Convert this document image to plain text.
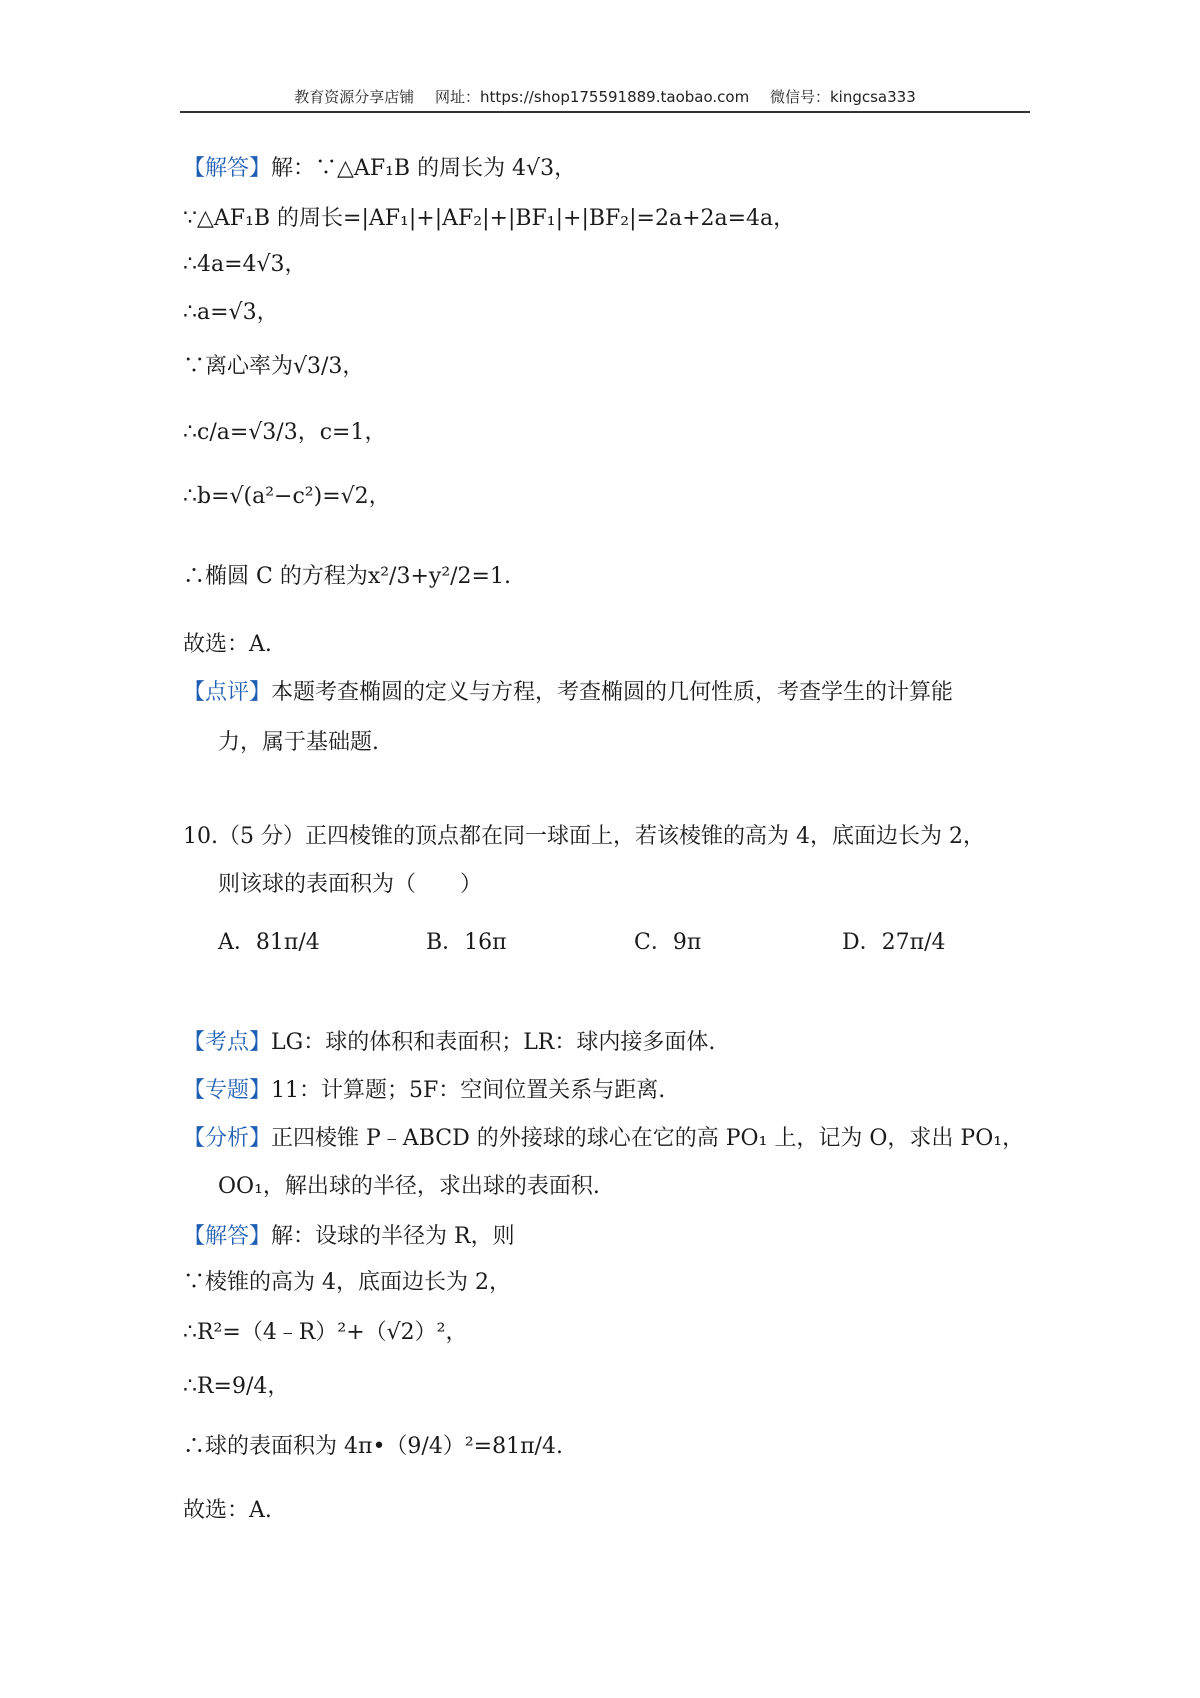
教育资源分享店铺 网址：https://shop175591889.taobao.com 微信号：kingcsa333
【解答】解：∵△AF₁B 的周长为 4√3，
∵△AF₁B 的周长=|AF₁|+|AF₂|+|BF₁|+|BF₂|=2a+2a=4a，
∴4a=4√3，
∴a=√3，
∵离心率为√3/3，
∴c/a=√3/3，c=1，
∴b=√(a²−c²)=√2，
∴椭圆 C 的方程为x²/3+y²/2=1.
故选：A.
【点评】本题考查椭圆的定义与方程，考查椭圆的几何性质，考查学生的计算能
力，属于基础题.
10.（5 分）正四棱锥的顶点都在同一球面上，若该棱锥的高为 4，底面边长为 2，
则该球的表面积为（　　）
A．81π/4	B．16π	C．9π	D．27π/4
【考点】LG：球的体积和表面积；LR：球内接多面体.
【专题】11：计算题；5F：空间位置关系与距离.
【分析】正四棱锥 P﹣ABCD 的外接球的球心在它的高 PO₁ 上，记为 O，求出 PO₁，
OO₁，解出球的半径，求出球的表面积.
【解答】解：设球的半径为 R，则
∵棱锥的高为 4，底面边长为 2，
∴R²=（4﹣R）²+（√2）²，
∴R=9/4，
∴球的表面积为 4π•（9/4）²=81π/4.
故选：A.
